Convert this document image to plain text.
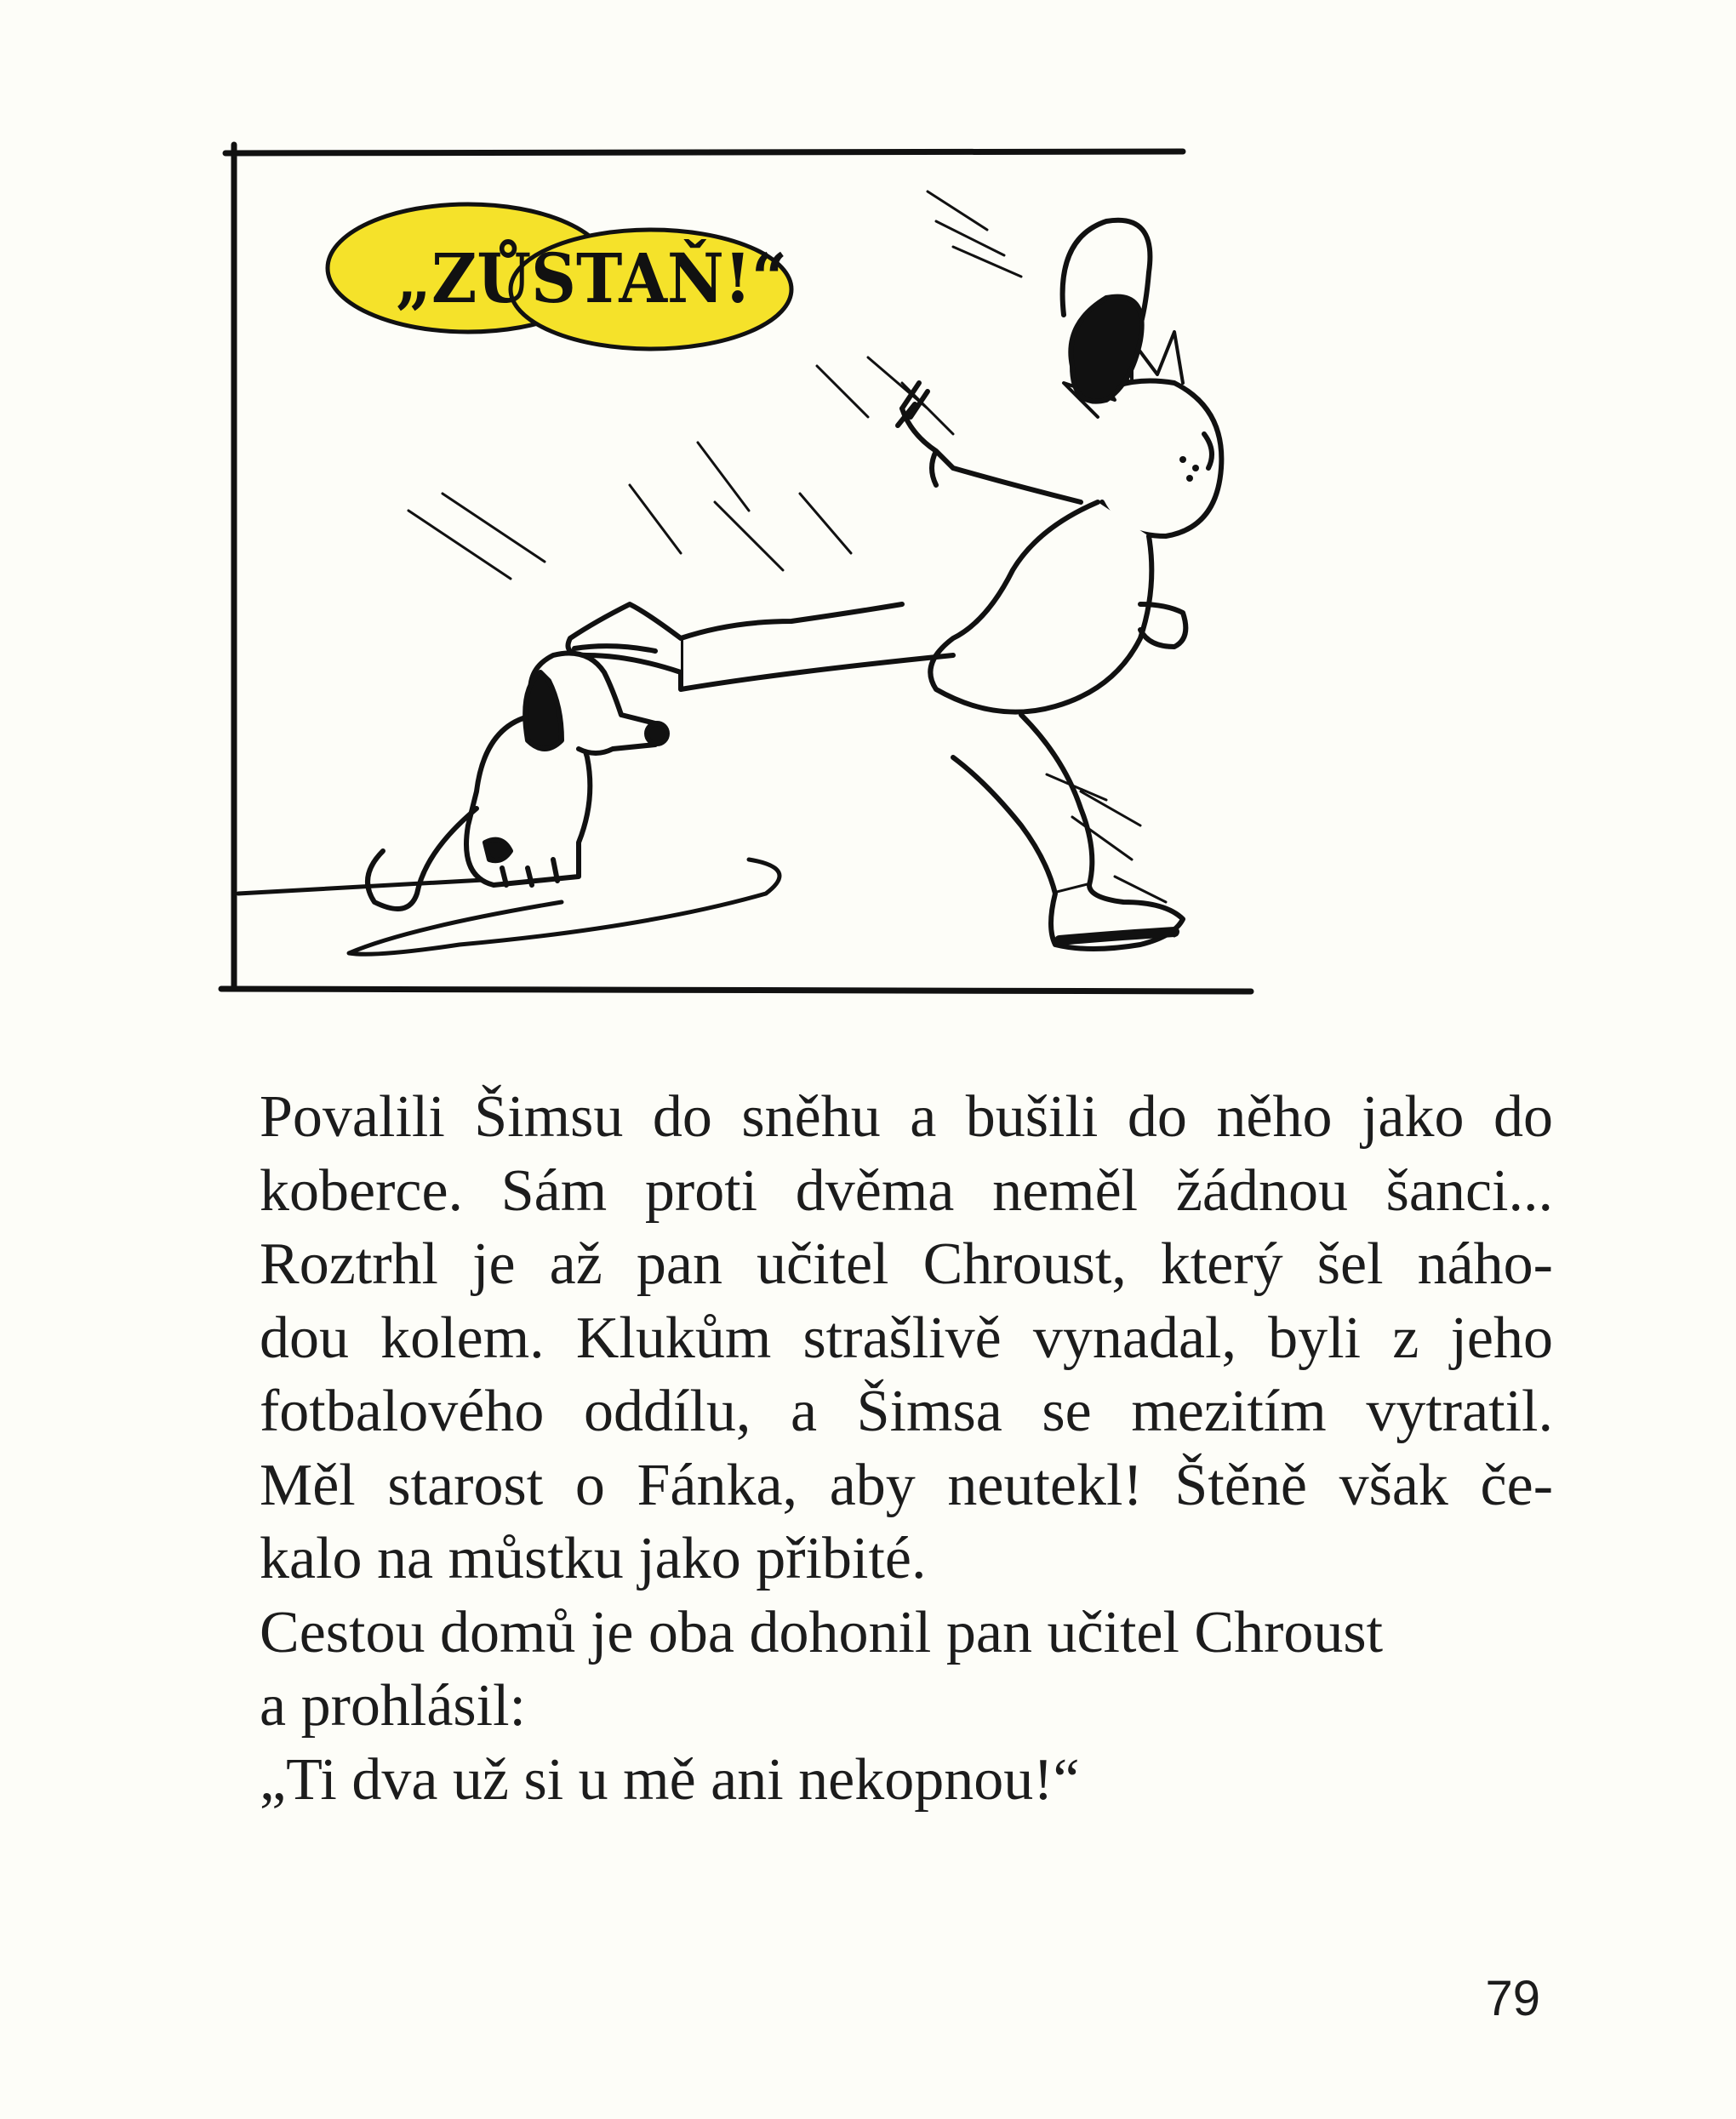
„ZŮSTAŇ!“
Povalili Šimsu do sněhu a bušili do něho jako do
koberce. Sám proti dvěma neměl žádnou šanci...
Roztrhl je až pan učitel Chroust, který šel náho-
dou kolem. Klukům strašlivě vynadal, byli z jeho
fotbalového oddílu, a Šimsa se mezitím vytratil.
Měl starost o Fánka, aby neutekl! Štěně však če-
kalo na můstku jako přibité.
Cestou domů je oba dohonil pan učitel Chroust
a prohlásil:
„Ti dva už si u mě ani nekopnou!“
79
